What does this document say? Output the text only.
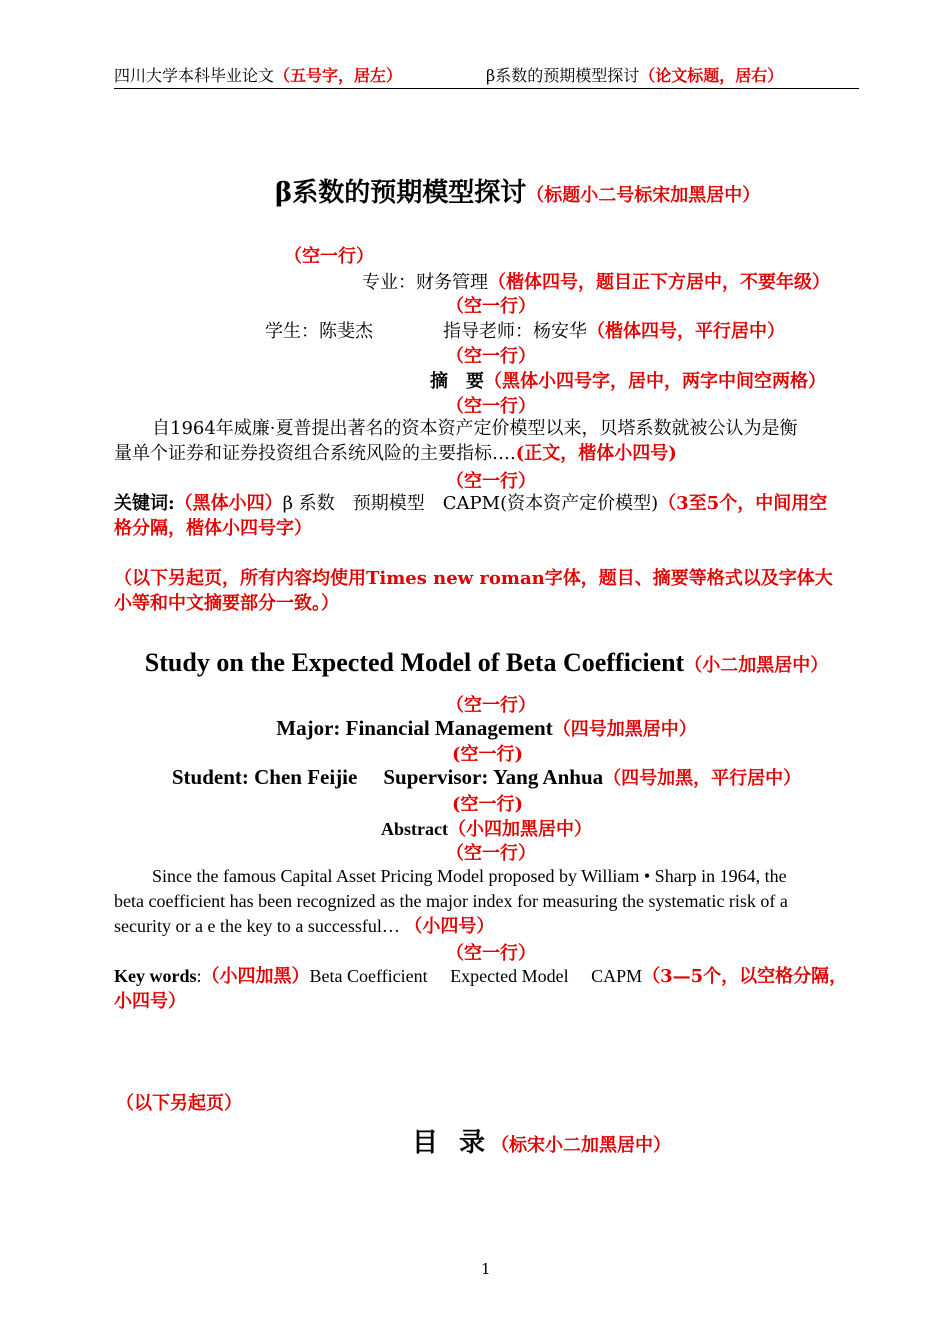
四川大学本科毕业论文（五号字，居左）	β系数的预期模型探讨（论文标题，居右）
β系数的预期模型探讨（标题小二号标宋加黑居中）
（空一行）
专业：财务管理（楷体四号，题目正下方居中，不要年级）
（空一行）
学生：陈斐杰	指导老师：杨安华（楷体四号，平行居中）
（空一行）
摘　要（黑体小四号字，居中，两字中间空两格）
（空一行）
自1964年威廉·夏普提出著名的资本资产定价模型以来，贝塔系数就被公认为是衡
量单个证券和证券投资组合系统风险的主要指标….(正文，楷体小四号)
（空一行）
关键词:（黑体小四）β 系数　预期模型　CAPM(资本资产定价模型)（3至5个，中间用空
格分隔，楷体小四号字）
（以下另起页，所有内容均使用Times new roman字体，题目、摘要等格式以及字体大
小等和中文摘要部分一致。）
Study on the Expected Model of Beta Coefficient（小二加黑居中）
（空一行）
Major: Financial Management（四号加黑居中）
(空一行)
Student: Chen Feijie Supervisor: Yang Anhua（四号加黑，平行居中）
(空一行)
Abstract（小四加黑居中）
（空一行）
Since the famous Capital Asset Pricing Model proposed by William • Sharp in 1964, the
beta coefficient has been recognized as the major index for measuring the systematic risk of a
security or a e the key to a successful… （小四号）
（空一行）
Key words:（小四加黑）Beta Coefficient　 Expected Model　 CAPM（3—5个，以空格分隔，
小四号）
（以下另起页）
目 录（标宋小二加黑居中）
1
